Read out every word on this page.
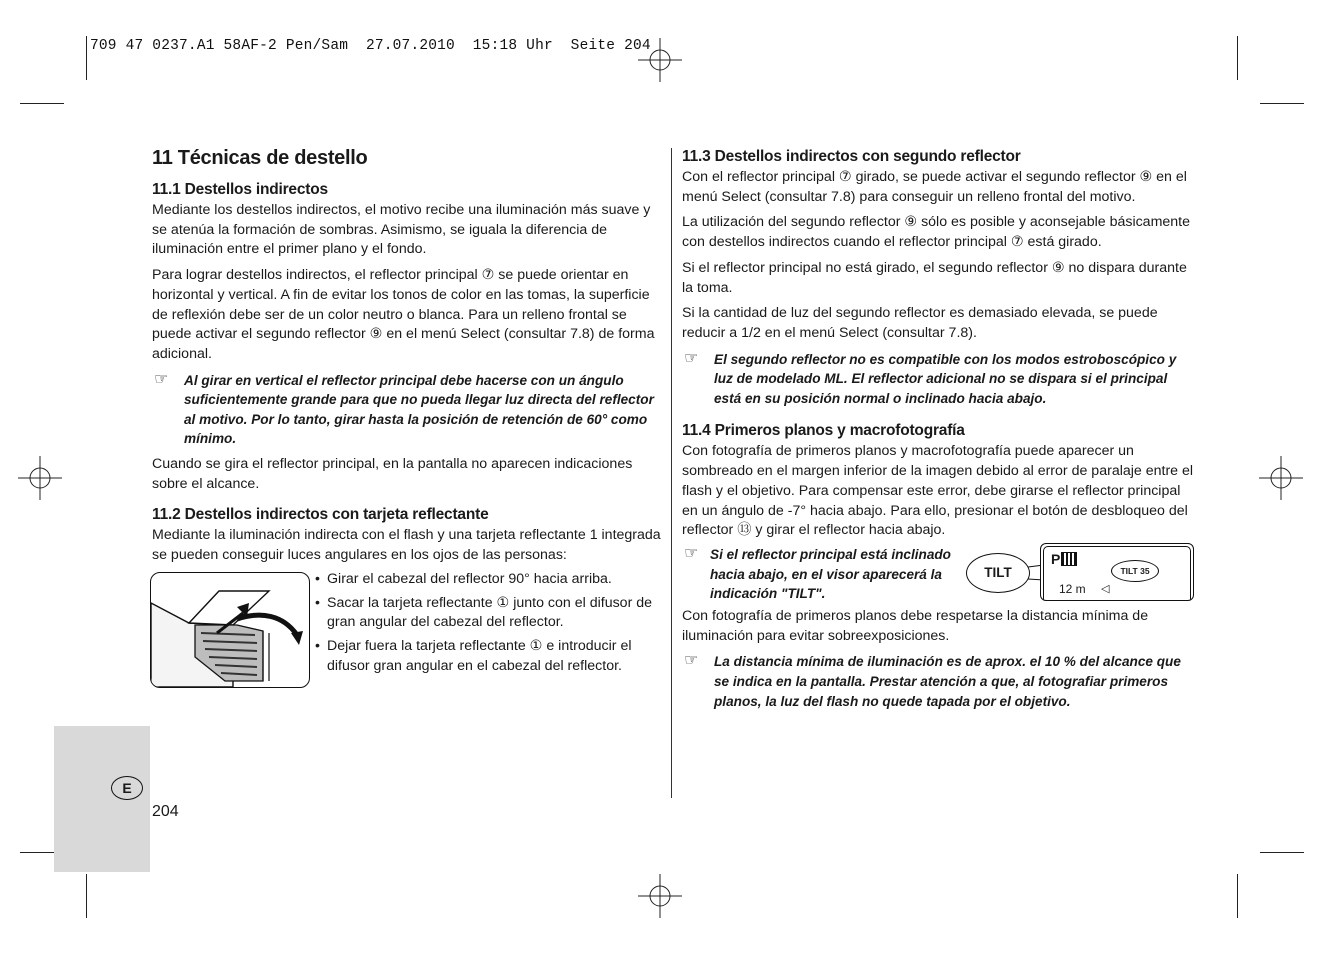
709 47 0237.A1 58AF-2 Pen/Sam  27.07.2010  15:18 Uhr  Seite 204
E
204
11 Técnicas de destello
11.1 Destellos indirectos

Mediante los destellos indirectos, el motivo recibe una iluminación más suave y se atenúa la formación de sombras. Asimismo, se iguala la diferencia de iluminación entre el primer plano y el fondo.

Para lograr destellos indirectos, el reflector principal ⑦ se puede orientar en horizontal y vertical. A fin de evitar los tonos de color en las tomas, la superficie de reflexión debe ser de un color neutro o blanca. Para un relleno frontal se puede activar el segundo reflector ⑨ en el menú Select (consultar 7.8) de forma adicional.

☞ Al girar en vertical el reflector principal debe hacerse con un ángulo suficientemente grande para que no pueda llegar luz directa del reflector al motivo. Por lo tanto, girar hasta la posición de retención de 60° como mínimo.

Cuando se gira el reflector principal, en la pantalla no aparecen indicaciones sobre el alcance.

11.2 Destellos indirectos con tarjeta reflectante

Mediante la iluminación indirecta con el flash y una tarjeta reflectante 1 integrada se pueden conseguir luces angulares en los ojos de las personas:

• Girar el cabezal del reflector 90° hacia arriba.
• Sacar la tarjeta reflectante ① junto con el difusor de gran angular del cabezal del reflector.
• Dejar fuera la tarjeta reflectante ① e introducir el difusor gran angular en el cabezal del reflector.
11.3 Destellos indirectos con segundo reflector

Con el reflector principal ⑦ girado, se puede activar el segundo reflector ⑨ en el menú Select (consultar 7.8) para conseguir un relleno frontal del motivo.

La utilización del segundo reflector ⑨ sólo es posible y aconsejable básicamente con destellos indirectos cuando el reflector principal ⑦ está girado.

Si el reflector principal no está girado, el segundo reflector ⑨ no dispara durante la toma.

Si la cantidad de luz del segundo reflector es demasiado elevada, se puede reducir a 1/2 en el menú Select (consultar 7.8).

☞ El segundo reflector no es compatible con los modos estroboscópico y luz de modelado ML. El reflector adicional no se dispara si el principal está en su posición normal o inclinado hacia abajo.
11.4 Primeros planos y macrofotografía

Con fotografía de primeros planos y macrofotografía puede aparecer un sombreado en el margen inferior de la imagen debido al error de paralaje entre el flash y el objetivo. Para compensar este error, debe girarse el reflector principal en un ángulo de -7° hacia abajo. Para ello, presionar el botón de desbloqueo del reflector ⑬ y girar el reflector hacia abajo.

☞ Si el reflector principal está inclinado hacia abajo, en el visor aparecerá la indicación "TILT".
TILT
P
TILT 35
12 m ◁

Con fotografía de primeros planos debe respetarse la distancia mínima de iluminación para evitar sobreexposiciones.

☞ La distancia mínima de iluminación es de aprox. el 10 % del alcance que se indica en la pantalla. Prestar atención a que, al fotografiar primeros planos, la luz del flash no quede tapada por el objetivo.
